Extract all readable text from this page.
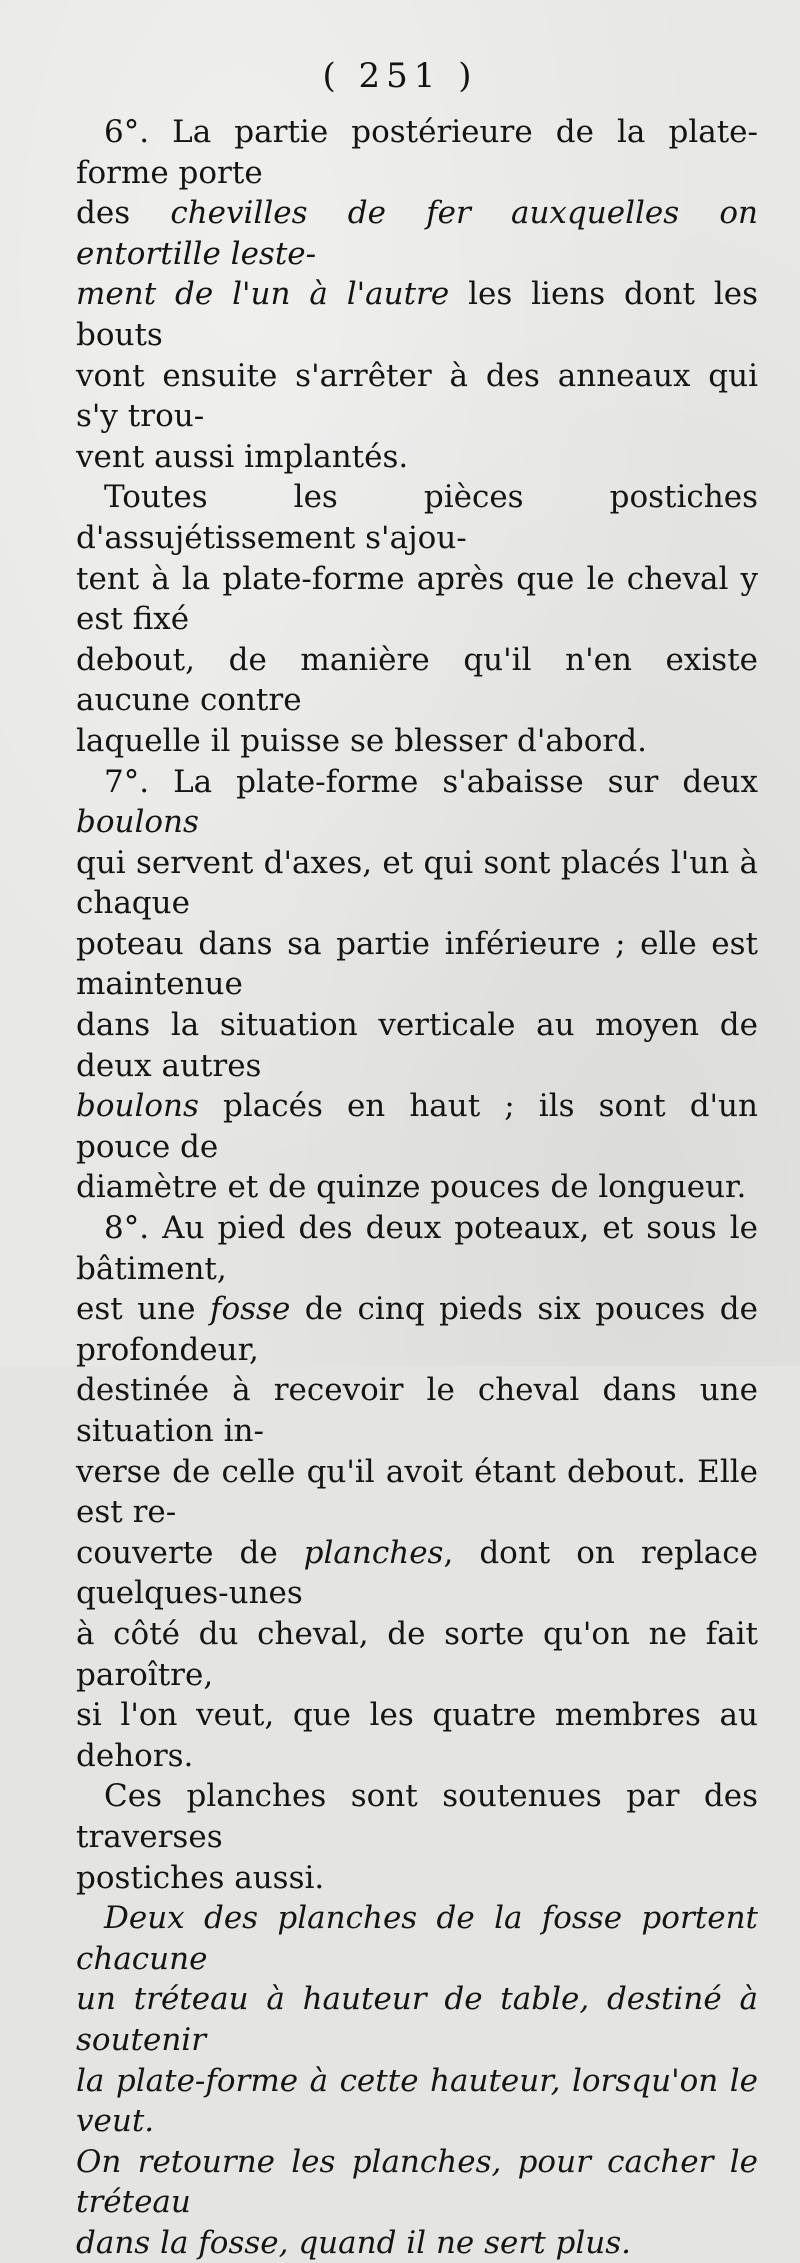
( 251 )

6°. La partie postérieure de la plate-forme porte
des chevilles de fer auxquelles on entortille leste-
ment de l'un à l'autre les liens dont les bouts
vont ensuite s'arrêter à des anneaux qui s'y trou-
vent aussi implantés.

Toutes les pièces postiches d'assujétissement s'ajou-
tent à la plate-forme après que le cheval y est fixé
debout, de manière qu'il n'en existe aucune contre
laquelle il puisse se blesser d'abord.

7°. La plate-forme s'abaisse sur deux boulons
qui servent d'axes, et qui sont placés l'un à chaque
poteau dans sa partie inférieure ; elle est maintenue
dans la situation verticale au moyen de deux autres
boulons placés en haut ; ils sont d'un pouce de
diamètre et de quinze pouces de longueur.

8°. Au pied des deux poteaux, et sous le bâtiment,
est une fosse de cinq pieds six pouces de profondeur,
destinée à recevoir le cheval dans une situation in-
verse de celle qu'il avoit étant debout. Elle est re-
couverte de planches, dont on replace quelques-unes
à côté du cheval, de sorte qu'on ne fait paroître,
si l'on veut, que les quatre membres au dehors.

Ces planches sont soutenues par des traverses
postiches aussi.

Deux des planches de la fosse portent chacune
un tréteau à hauteur de table, destiné à soutenir
la plate-forme à cette hauteur, lorsqu'on le veut.
On retourne les planches, pour cacher le tréteau
dans la fosse, quand il ne sert plus.
